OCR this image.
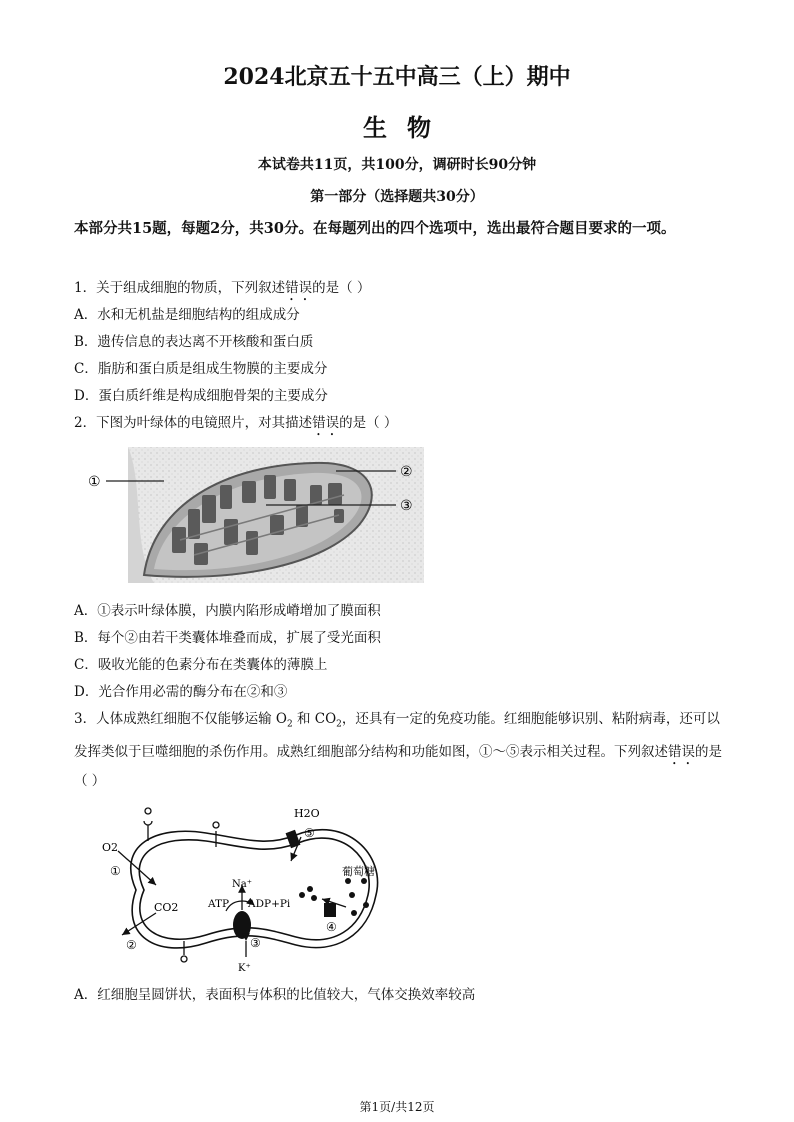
2024北京五十五中高三（上）期中
生物
本试卷共11页，共100分，调研时长90分钟
第一部分（选择题共30分）
本部分共15题，每题2分，共30分。在每题列出的四个选项中，选出最符合题目要求的一项。
1．关于组成细胞的物质，下列叙述错误的是（ ）
A．水和无机盐是细胞结构的组成成分
B．遗传信息的表达离不开核酸和蛋白质
C．脂肪和蛋白质是组成生物膜的主要成分
D．蛋白质纤维是构成细胞骨架的主要成分
2．下图为叶绿体的电镜照片，对其描述错误的是（ ）
①
②
③
A．①表示叶绿体膜，内膜内陷形成嵴增加了膜面积
B．每个②由若干类囊体堆叠而成，扩展了受光面积
C．吸收光能的色素分布在类囊体的薄膜上
D．光合作用必需的酶分布在②和③
3．人体成熟红细胞不仅能够运输 $O_2$ 和 $CO_2$，还具有一定的免疫功能。红细胞能够识别、粘附病毒，还可以发挥类似于巨噬细胞的杀伤作用。成熟红细胞部分结构和功能如图，①～⑤表示相关过程。下列叙述错误的是（ ）
H2O
O2
CO2
Na⁺
K⁺
ATP ADP+Pi
葡萄糖
①
②	③
④
⑤
A．红细胞呈圆饼状，表面积与体积的比值较大，气体交换效率较高
第1页/共12页
